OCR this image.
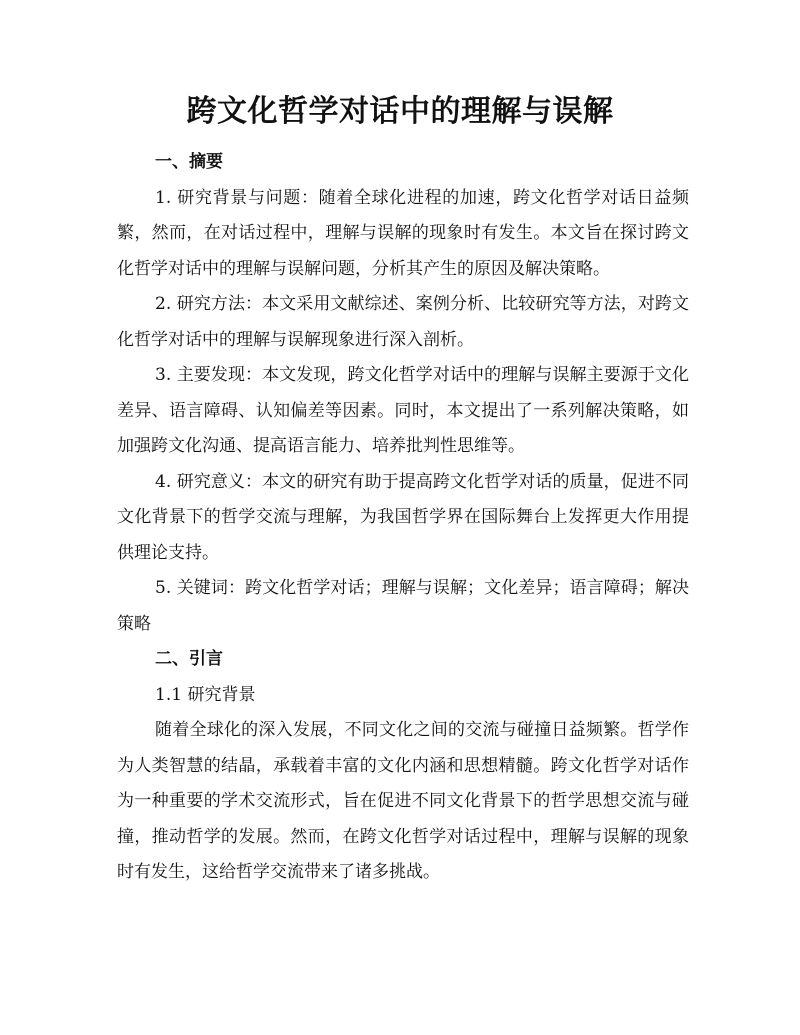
跨文化哲学对话中的理解与误解

一、摘要

1. 研究背景与问题：随着全球化进程的加速，跨文化哲学对话日益频繁，然而，在对话过程中，理解与误解的现象时有发生。本文旨在探讨跨文化哲学对话中的理解与误解问题，分析其产生的原因及解决策略。

2. 研究方法：本文采用文献综述、案例分析、比较研究等方法，对跨文化哲学对话中的理解与误解现象进行深入剖析。

3. 主要发现：本文发现，跨文化哲学对话中的理解与误解主要源于文化差异、语言障碍、认知偏差等因素。同时，本文提出了一系列解决策略，如加强跨文化沟通、提高语言能力、培养批判性思维等。

4. 研究意义：本文的研究有助于提高跨文化哲学对话的质量，促进不同文化背景下的哲学交流与理解，为我国哲学界在国际舞台上发挥更大作用提供理论支持。

5. 关键词：跨文化哲学对话；理解与误解；文化差异；语言障碍；解决策略

二、引言

1.1 研究背景

随着全球化的深入发展，不同文化之间的交流与碰撞日益频繁。哲学作为人类智慧的结晶，承载着丰富的文化内涵和思想精髓。跨文化哲学对话作为一种重要的学术交流形式，旨在促进不同文化背景下的哲学思想交流与碰撞，推动哲学的发展。然而，在跨文化哲学对话过程中，理解与误解的现象时有发生，这给哲学交流带来了诸多挑战。
